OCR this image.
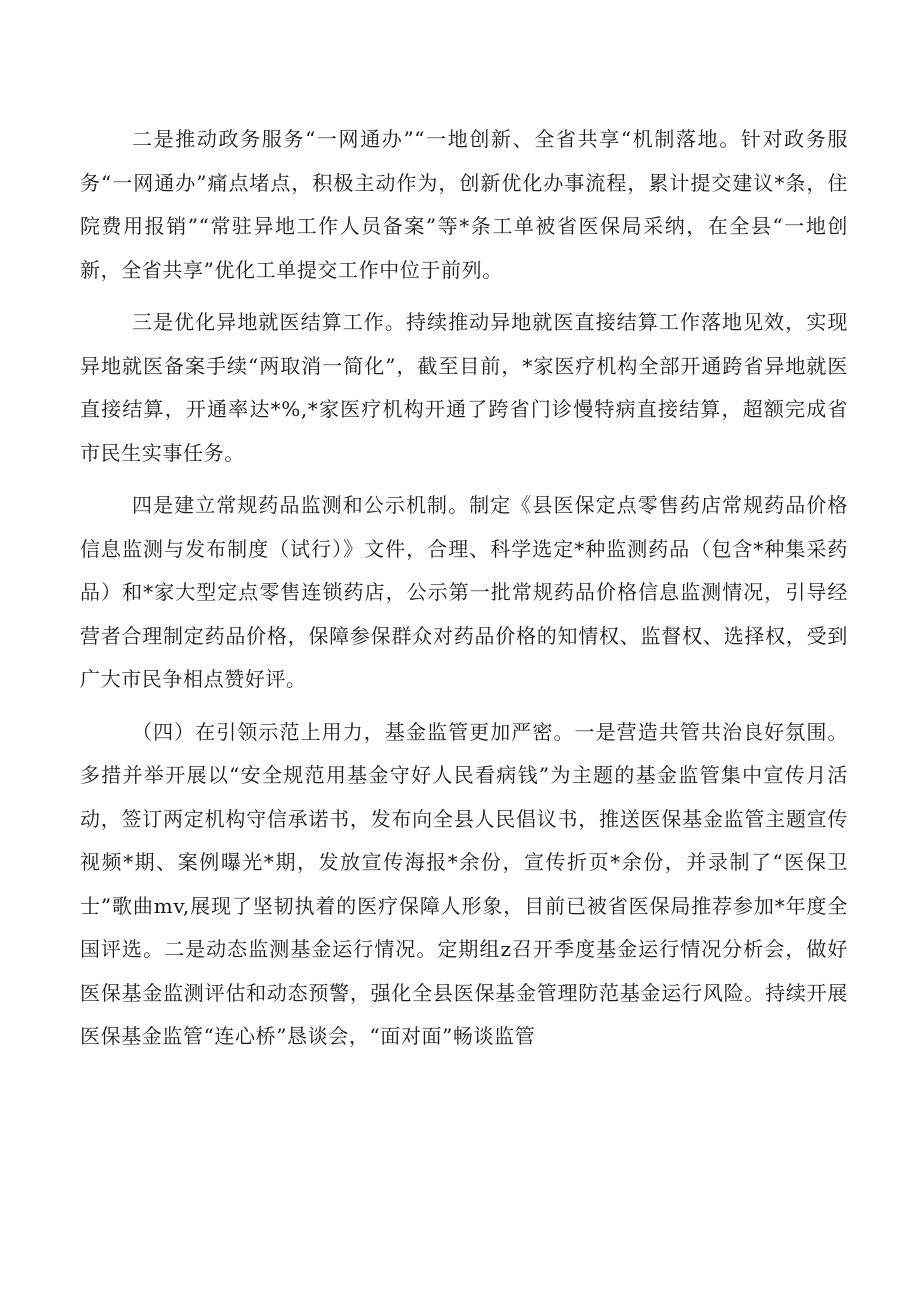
二是推动政务服务“一网通办”“一地创新、全省共享“机制落地。针对政务服务“一网通办”痛点堵点，积极主动作为，创新优化办事流程，累计提交建议*条，住院费用报销”“常驻异地工作人员备案”等*条工单被省医保局采纳，在全县“一地创新，全省共享”优化工单提交工作中位于前列。

三是优化异地就医结算工作。持续推动异地就医直接结算工作落地见效，实现异地就医备案手续“两取消一简化”，截至目前，*家医疗机构全部开通跨省异地就医直接结算，开通率达*%,*家医疗机构开通了跨省门诊慢特病直接结算，超额完成省市民生实事任务。

四是建立常规药品监测和公示机制。制定《县医保定点零售药店常规药品价格信息监测与发布制度（试行）》文件，合理、科学选定*种监测药品（包含*种集采药品）和*家大型定点零售连锁药店，公示第一批常规药品价格信息监测情况，引导经营者合理制定药品价格，保障参保群众对药品价格的知情权、监督权、选择权，受到广大市民争相点赞好评。

（四）在引领示范上用力，基金监管更加严密。一是营造共管共治良好氛围。多措并举开展以“安全规范用基金守好人民看病钱”为主题的基金监管集中宣传月活动，签订两定机构守信承诺书，发布向全县人民倡议书，推送医保基金监管主题宣传视频*期、案例曝光*期，发放宣传海报*余份，宣传折页*余份，并录制了“医保卫士”歌曲mv,展现了坚韧执着的医疗保障人形象，目前已被省医保局推荐参加*年度全国评选。二是动态监测基金运行情况。定期组z召开季度基金运行情况分析会，做好医保基金监测评估和动态预警，强化全县医保基金管理防范基金运行风险。持续开展医保基金监管“连心桥”恳谈会，“面对面”畅谈监管
